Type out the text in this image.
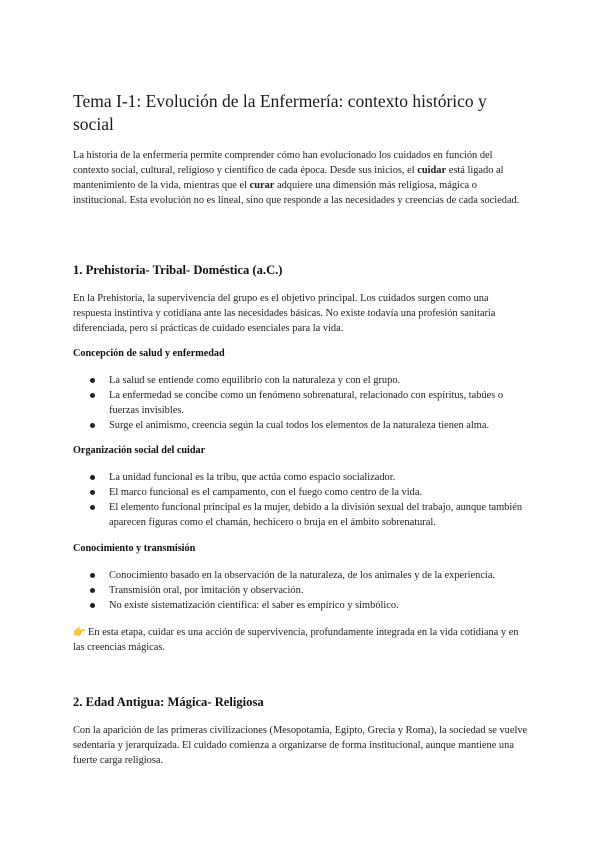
Tema I-1: Evolución de la Enfermería: contexto histórico y social

La historia de la enfermería permite comprender cómo han evolucionado los cuidados en función del contexto social, cultural, religioso y científico de cada época. Desde sus inicios, el cuidar está ligado al mantenimiento de la vida, mientras que el curar adquiere una dimensión más religiosa, mágica o institucional. Esta evolución no es lineal, sino que responde a las necesidades y creencias de cada sociedad.

1. Prehistoria- Tribal- Doméstica (a.C.)

En la Prehistoria, la supervivencia del grupo es el objetivo principal. Los cuidados surgen como una respuesta instintiva y cotidiana ante las necesidades básicas. No existe todavía una profesión sanitaria diferenciada, pero sí prácticas de cuidado esenciales para la vida.

Concepción de salud y enfermedad
La salud se entiende como equilibrio con la naturaleza y con el grupo.
La enfermedad se concibe como un fenómeno sobrenatural, relacionado con espíritus, tabúes o fuerzas invisibles.
Surge el animismo, creencia según la cual todos los elementos de la naturaleza tienen alma.
Organización social del cuidar
La unidad funcional es la tribu, que actúa como espacio socializador.
El marco funcional es el campamento, con el fuego como centro de la vida.
El elemento funcional principal es la mujer, debido a la división sexual del trabajo, aunque también aparecen figuras como el chamán, hechicero o bruja en el ámbito sobrenatural.
Conocimiento y transmisión
Conocimiento basado en la observación de la naturaleza, de los animales y de la experiencia.
Transmisión oral, por imitación y observación.
No existe sistematización científica: el saber es empírico y simbólico.

👉 En esta etapa, cuidar es una acción de supervivencia, profundamente integrada en la vida cotidiana y en las creencias mágicas.

2. Edad Antigua: Mágica- Religiosa

Con la aparición de las primeras civilizaciones (Mesopotamia, Egipto, Grecia y Roma), la sociedad se vuelve sedentaria y jerarquizada. El cuidado comienza a organizarse de forma institucional, aunque mantiene una fuerte carga religiosa.
